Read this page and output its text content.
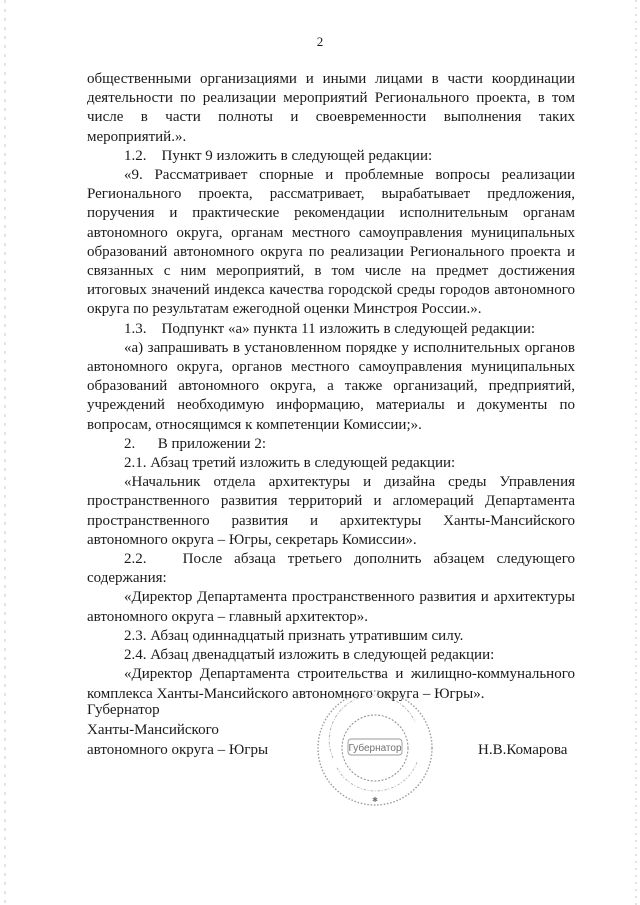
2

общественными организациями и иными лицами в части координации деятельности по реализации мероприятий Регионального проекта, в том числе в части полноты и своевременности выполнения таких мероприятий.».

1.2.    Пункт 9 изложить в следующей редакции:

«9. Рассматривает спорные и проблемные вопросы реализации Регионального проекта, рассматривает, вырабатывает предложения, поручения и практические рекомендации исполнительным органам автономного округа, органам местного самоуправления муниципальных образований автономного округа по реализации Регионального проекта и связанных с ним мероприятий, в том числе на предмет достижения итоговых значений индекса качества городской среды городов автономного округа по результатам ежегодной оценки Минстроя России.».

1.3.    Подпункт «а» пункта 11 изложить в следующей редакции:

«а) запрашивать в установленном порядке у исполнительных органов автономного округа, органов местного самоуправления муниципальных образований автономного округа, а также организаций, предприятий, учреждений необходимую информацию, материалы и документы по вопросам, относящимся к компетенции Комиссии;».

2.      В приложении 2:

2.1. Абзац третий изложить в следующей редакции:

«Начальник отдела архитектуры и дизайна среды Управления пространственного развития территорий и агломераций Департамента пространственного развития и архитектуры Ханты-Мансийского автономного округа – Югры, секретарь Комиссии».

2.2.   После абзаца третьего дополнить абзацем следующего содержания:

«Директор Департамента пространственного развития и архитектуры автономного округа – главный архитектор».

2.3. Абзац одиннадцатый признать утратившим силу.

2.4. Абзац двенадцатый изложить в следующей редакции:

«Директор Департамента строительства и жилищно-коммунального комплекса Ханты-Мансийского автономного округа – Югры».

Губернатор
Ханты-Мансийского
автономного округа – Югры	Губернатор
✱
Н.В.Комарова
